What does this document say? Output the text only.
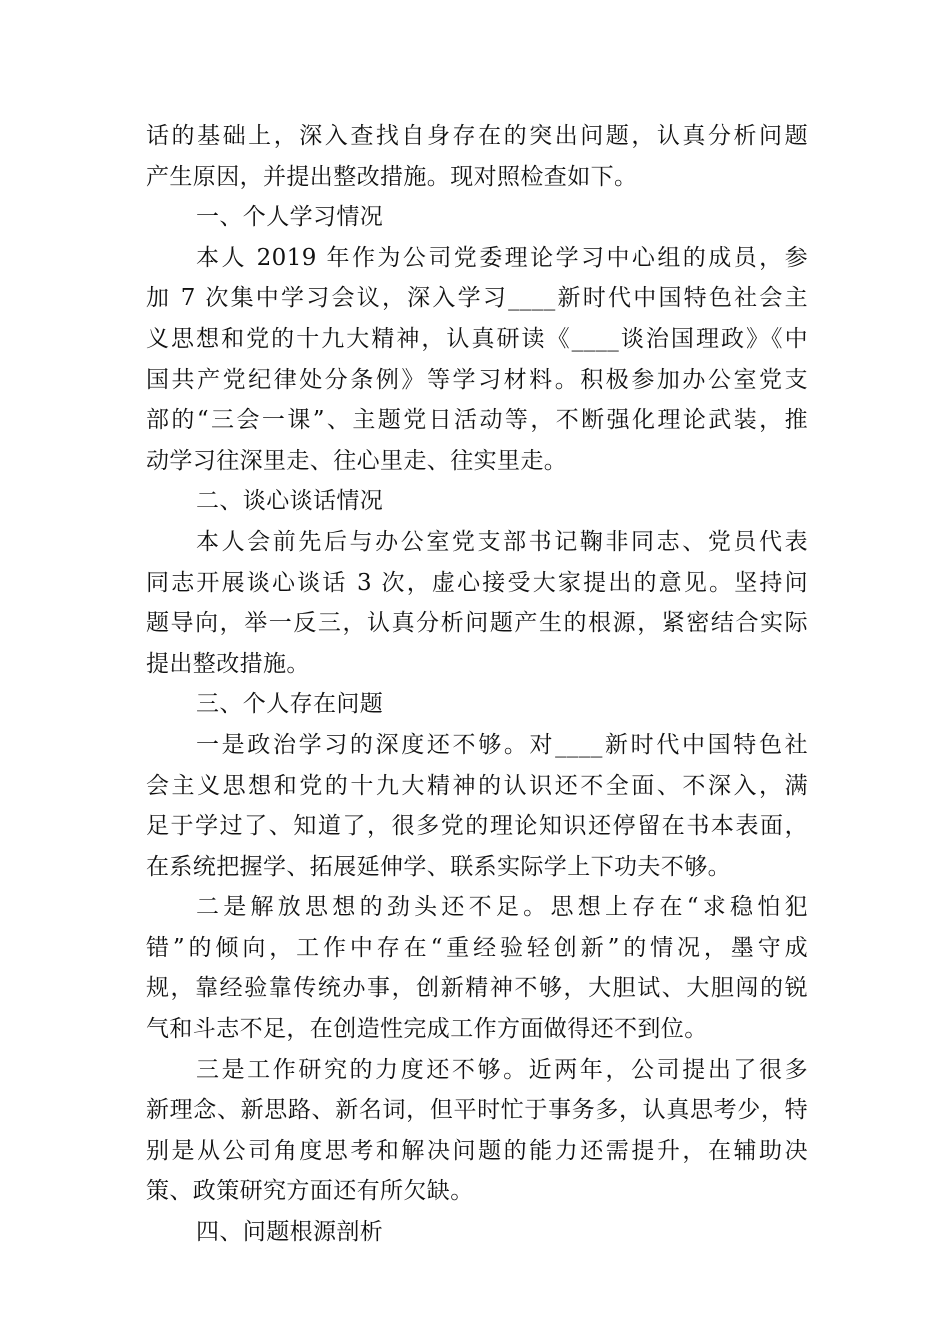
话的基础上，深入查找自身存在的突出问题，认真分析问题
产生原因，并提出整改措施。现对照检查如下。
一、个人学习情况
本人 2019 年作为公司党委理论学习中心组的成员，参
加 7 次集中学习会议，深入学习____新时代中国特色社会主
义思想和党的十九大精神，认真研读《____谈治国理政》《中
国共产党纪律处分条例》等学习材料。积极参加办公室党支
部的“三会一课”、主题党日活动等，不断强化理论武装，推
动学习往深里走、往心里走、往实里走。
二、谈心谈话情况
本人会前先后与办公室党支部书记鞠非同志、党员代表
同志开展谈心谈话 3 次，虚心接受大家提出的意见。坚持问
题导向，举一反三，认真分析问题产生的根源，紧密结合实际
提出整改措施。
三、个人存在问题
一是政治学习的深度还不够。对____新时代中国特色社
会主义思想和党的十九大精神的认识还不全面、不深入，满
足于学过了、知道了，很多党的理论知识还停留在书本表面，
在系统把握学、拓展延伸学、联系实际学上下功夫不够。
二是解放思想的劲头还不足。思想上存在“求稳怕犯
错”的倾向，工作中存在“重经验轻创新”的情况，墨守成
规，靠经验靠传统办事，创新精神不够，大胆试、大胆闯的锐
气和斗志不足，在创造性完成工作方面做得还不到位。
三是工作研究的力度还不够。近两年，公司提出了很多
新理念、新思路、新名词，但平时忙于事务多，认真思考少，特
别是从公司角度思考和解决问题的能力还需提升，在辅助决
策、政策研究方面还有所欠缺。
四、问题根源剖析
